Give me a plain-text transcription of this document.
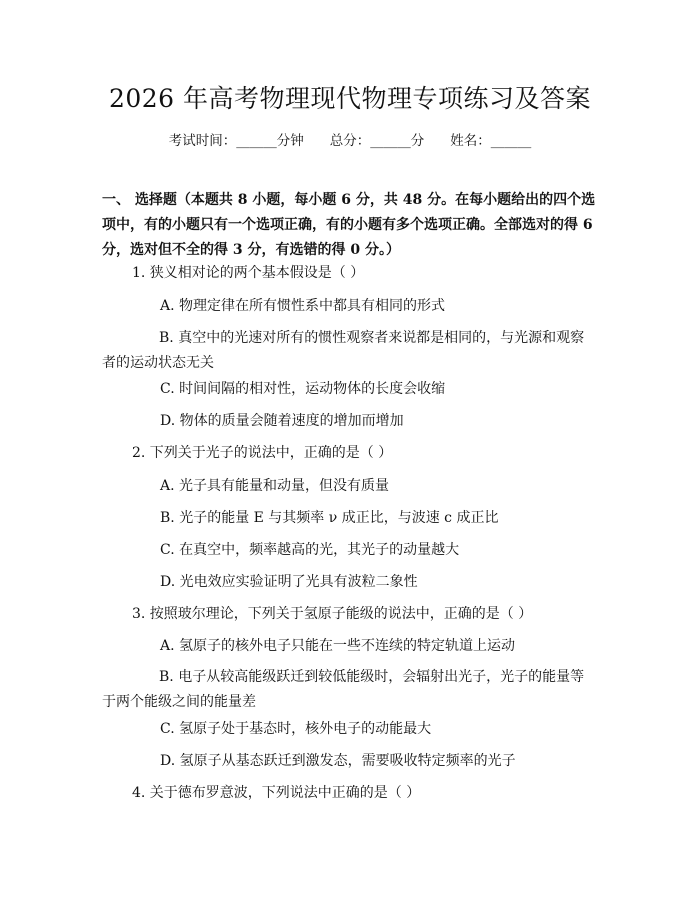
2026 年高考物理现代物理专项练习及答案
考试时间：______分钟 总分：______分 姓名：______

一、 选择题（本题共 8 小题，每小题 6 分，共 48 分。在每小题给出的四个选项中，有的小题只有一个选项正确，有的小题有多个选项正确。全部选对的得 6 分，选对但不全的得 3 分，有选错的得 0 分。）

1. 狭义相对论的两个基本假设是（ ）
A. 物理定律在所有惯性系中都具有相同的形式

B. 真空中的光速对所有的惯性观察者来说都是相同的，与光源和观察者的运动状态无关

C. 时间间隔的相对性，运动物体的长度会收缩
D. 物体的质量会随着速度的增加而增加
2. 下列关于光子的说法中，正确的是（ ）
A. 光子具有能量和动量，但没有质量
B. 光子的能量 E 与其频率 ν 成正比，与波速 c 成正比
C. 在真空中，频率越高的光，其光子的动量越大
D. 光电效应实验证明了光具有波粒二象性
3. 按照玻尔理论，下列关于氢原子能级的说法中，正确的是（ ）
A. 氢原子的核外电子只能在一些不连续的特定轨道上运动

B. 电子从较高能级跃迁到较低能级时，会辐射出光子，光子的能量等于两个能级之间的能量差

C. 氢原子处于基态时，核外电子的动能最大
D. 氢原子从基态跃迁到激发态，需要吸收特定频率的光子
4. 关于德布罗意波，下列说法中正确的是（ ）
